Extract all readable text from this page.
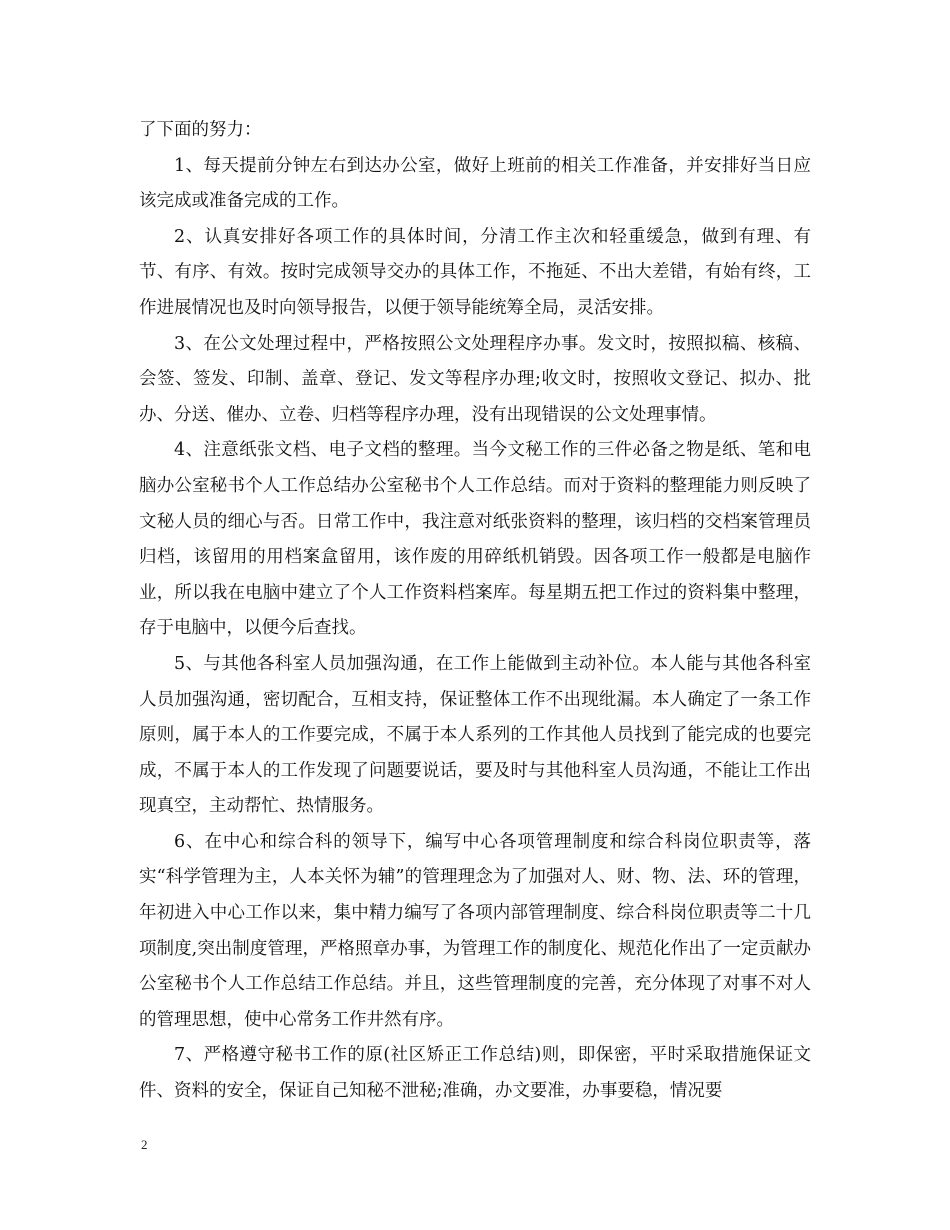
了下面的努力：

1、每天提前分钟左右到达办公室，做好上班前的相关工作准备，并安排好当日应该完成或准备完成的工作。

2、认真安排好各项工作的具体时间，分清工作主次和轻重缓急，做到有理、有节、有序、有效。按时完成领导交办的具体工作，不拖延、不出大差错，有始有终，工作进展情况也及时向领导报告，以便于领导能统筹全局，灵活安排。

3、在公文处理过程中，严格按照公文处理程序办事。发文时，按照拟稿、核稿、会签、签发、印制、盖章、登记、发文等程序办理;收文时，按照收文登记、拟办、批办、分送、催办、立卷、归档等程序办理，没有出现错误的公文处理事情。

4、注意纸张文档、电子文档的整理。当今文秘工作的三件必备之物是纸、笔和电脑办公室秘书个人工作总结办公室秘书个人工作总结。而对于资料的整理能力则反映了文秘人员的细心与否。日常工作中，我注意对纸张资料的整理，该归档的交档案管理员归档，该留用的用档案盒留用，该作废的用碎纸机销毁。因各项工作一般都是电脑作业，所以我在电脑中建立了个人工作资料档案库。每星期五把工作过的资料集中整理，存于电脑中，以便今后查找。

5、与其他各科室人员加强沟通，在工作上能做到主动补位。本人能与其他各科室人员加强沟通，密切配合，互相支持，保证整体工作不出现纰漏。本人确定了一条工作原则，属于本人的工作要完成，不属于本人系列的工作其他人员找到了能完成的也要完成，不属于本人的工作发现了问题要说话，要及时与其他科室人员沟通，不能让工作出现真空，主动帮忙、热情服务。

6、在中心和综合科的领导下，编写中心各项管理制度和综合科岗位职责等，落实“科学管理为主，人本关怀为辅”的管理理念为了加强对人、财、物、法、环的管理，年初进入中心工作以来，集中精力编写了各项内部管理制度、综合科岗位职责等二十几项制度,突出制度管理，严格照章办事，为管理工作的制度化、规范化作出了一定贡献办公室秘书个人工作总结工作总结。并且，这些管理制度的完善，充分体现了对事不对人的管理思想，使中心常务工作井然有序。

7、严格遵守秘书工作的原(社区矫正工作总结)则，即保密，平时采取措施保证文件、资料的安全，保证自己知秘不泄秘;准确，办文要准，办事要稳，情况要

2
